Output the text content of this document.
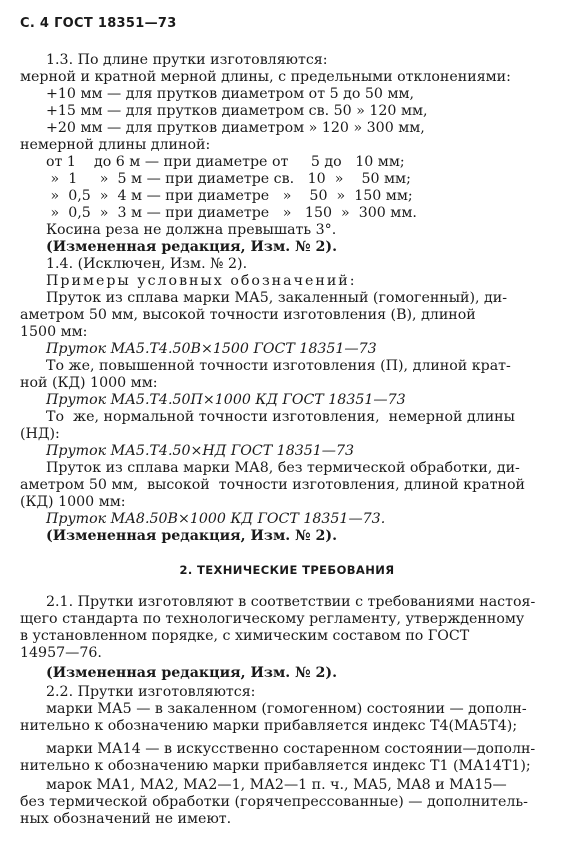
С. 4 ГОСТ 18351—73
1.3. По длине прутки изготовляются:
мерной и кратной мерной длины, с предельными отклонениями:
+10 мм — для прутков диаметром от 5 до 50 мм,
+15 мм — для прутков диаметром св. 50 » 120 мм,
+20 мм — для прутков диаметром » 120 » 300 мм,
немерной длины длиной:
от 1    до 6 м — при диаметре от     5 до   10 мм;
»  1     »  5 м — при диаметре св.   10  »    50 мм;
»  0,5  »  4 м — при диаметре   »    50  »  150 мм;
»  0,5  »  3 м — при диаметре   »   150  »  300 мм.
Косина реза не должна превышать 3°.
(Измененная редакция, Изм. № 2).
1.4. (Исключен, Изм. № 2).
Примеры условных обозначений:
Пруток из сплава марки МА5, закаленный (гомогенный), ди-
аметром 50 мм, высокой точности изготовления (В), длиной
1500 мм:
Пруток МА5.Т4.50В×1500 ГОСТ 18351—73
То же, повышенной точности изготовления (П), длиной крат-
ной (КД) 1000 мм:
Пруток МА5.Т4.50П×1000 КД ГОСТ 18351—73
То  же, нормальной точности изготовления,  немерной длины
(НД):
Пруток МА5.Т4.50×НД ГОСТ 18351—73
Пруток из сплава марки МА8, без термической обработки, ди-
аметром 50 мм,  высокой  точности изготовления, длиной кратной
(КД) 1000 мм:
Пруток МА8.50В×1000 КД ГОСТ 18351—73.
(Измененная редакция, Изм. № 2).
2. ТЕХНИЧЕСКИЕ ТРЕБОВАНИЯ
2.1. Прутки изготовляют в соответствии с требованиями настоя-
щего стандарта по технологическому регламенту, утвержденному
в установленном порядке, с химическим составом по ГОСТ
14957—76.
(Измененная редакция, Изм. № 2).
2.2. Прутки изготовляются:
марки МА5 — в закаленном (гомогенном) состоянии — дополн-
нительно к обозначению марки прибавляется индекс Т4(МА5Т4);
марки МА14 — в искусственно состаренном состоянии—дополн-
нительно к обозначению марки прибавляется индекс Т1 (МА14Т1);
марок МА1, МА2, МА2—1, МА2—1 п. ч., МА5, МА8 и МА15—
без термической обработки (горячепрессованные) — дополнитель-
ных обозначений не имеют.
